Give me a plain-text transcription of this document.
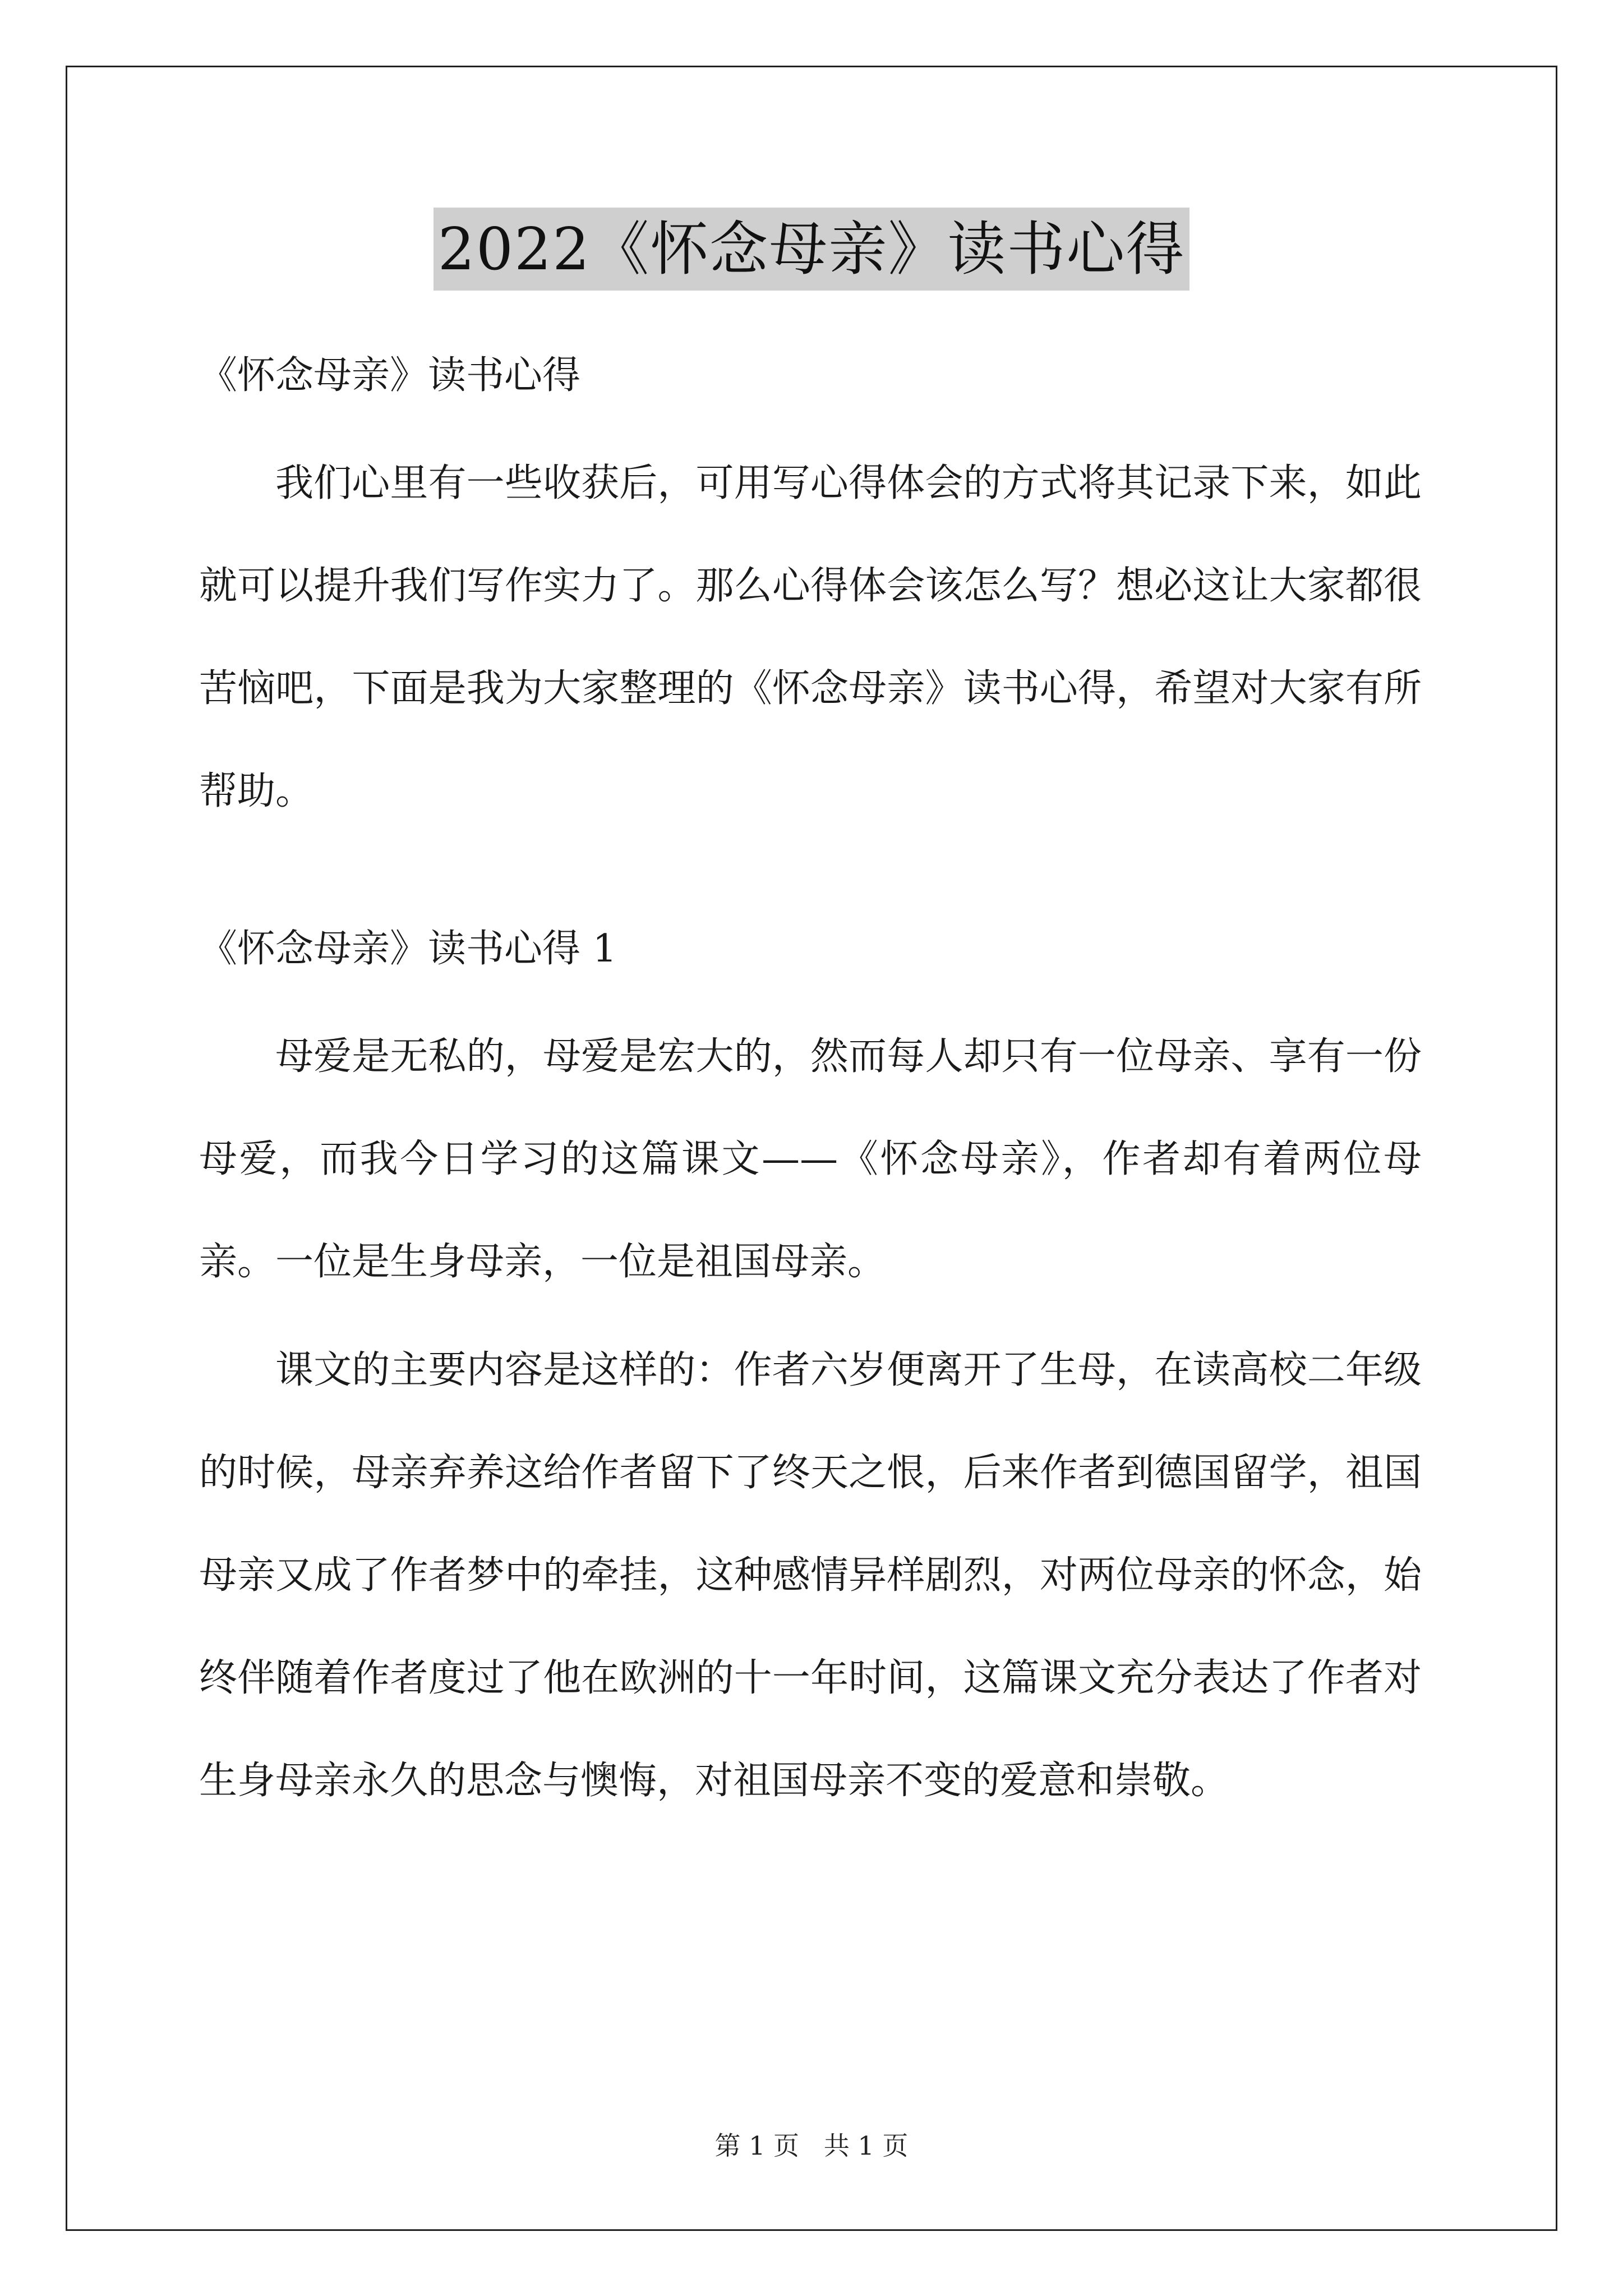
2022《怀念母亲》读书心得

《怀念母亲》读书心得

我们心里有一些收获后，可用写心得体会的方式将其记录下来，如此就可以提升我们写作实力了。那么心得体会该怎么写？想必这让大家都很苦恼吧，下面是我为大家整理的《怀念母亲》读书心得，希望对大家有所帮助。

《怀念母亲》读书心得 1

母爱是无私的，母爱是宏大的，然而每人却只有一位母亲、享有一份母爱，而我今日学习的这篇课文——《怀念母亲》，作者却有着两位母亲。一位是生身母亲，一位是祖国母亲。

课文的主要内容是这样的：作者六岁便离开了生母，在读高校二年级的时候，母亲弃养这给作者留下了终天之恨，后来作者到德国留学，祖国母亲又成了作者梦中的牵挂，这种感情异样剧烈，对两位母亲的怀念，始终伴随着作者度过了他在欧洲的十一年时间，这篇课文充分表达了作者对生身母亲永久的思念与懊悔，对祖国母亲不变的爱意和崇敬。

第 1 页   共 1 页
